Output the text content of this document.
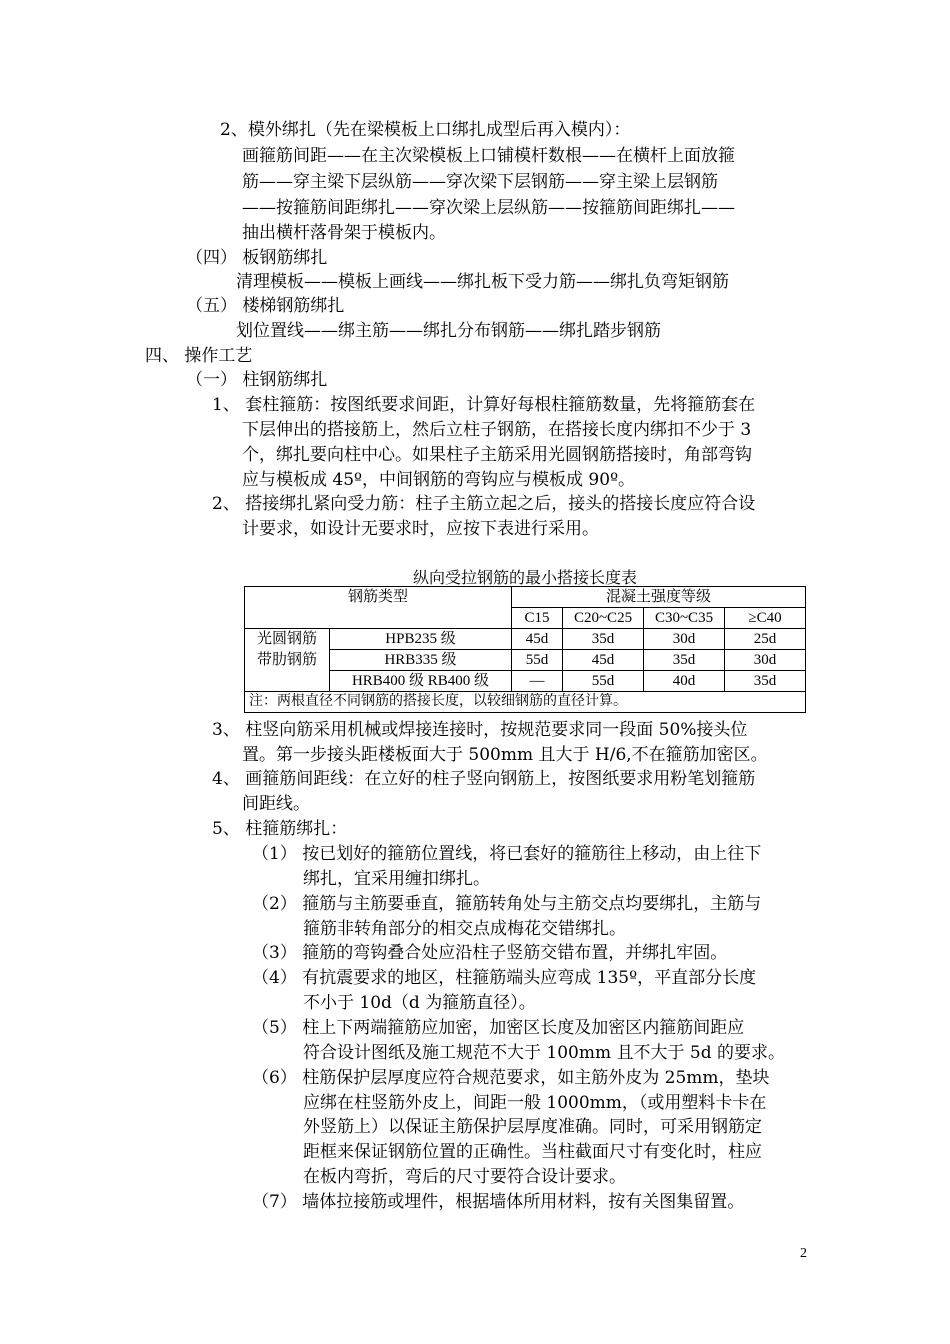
2、模外绑扎（先在梁模板上口绑扎成型后再入模内）：
画箍筋间距——在主次梁模板上口铺模杆数根——在横杆上面放箍
筋——穿主梁下层纵筋——穿次梁下层钢筋——穿主梁上层钢筋
——按箍筋间距绑扎——穿次梁上层纵筋——按箍筋间距绑扎——
抽出横杆落骨架于模板内。
（四） 板钢筋绑扎
清理模板——模板上画线——绑扎板下受力筋——绑扎负弯矩钢筋
（五） 楼梯钢筋绑扎
划位置线——绑主筋——绑扎分布钢筋——绑扎踏步钢筋
四、 操作工艺
（一） 柱钢筋绑扎
1、 套柱箍筋：按图纸要求间距，计算好每根柱箍筋数量，先将箍筋套在
下层伸出的搭接筋上，然后立柱子钢筋，在搭接长度内绑扣不少于 3
个，绑扎要向柱中心。如果柱子主筋采用光圆钢筋搭接时，角部弯钩
应与模板成 45º，中间钢筋的弯钩应与模板成 90º。
2、 搭接绑扎紧向受力筋：柱子主筋立起之后，接头的搭接长度应符合设
计要求，如设计无要求时，应按下表进行采用。
纵向受拉钢筋的最小搭接长度表
钢筋类型		混凝土强度等级			
		C15	C20~C25	C30~C35	≥C40
光圆钢筋	HPB235 级	45d	35d	30d	25d
带肋钢筋	HRB335 级	55d	45d	35d	30d
	HRB400 级 RB400 级	—	55d	40d	35d
注：两根直径不同钢筋的搭接长度，以较细钢筋的直径计算。					
3、 柱竖向筋采用机械或焊接连接时，按规范要求同一段面 50%接头位
置。第一步接头距楼板面大于 500mm 且大于 H/6,不在箍筋加密区。
4、 画箍筋间距线：在立好的柱子竖向钢筋上，按图纸要求用粉笔划箍筋
间距线。
5、 柱箍筋绑扎：
（1） 按已划好的箍筋位置线，将已套好的箍筋往上移动，由上往下
绑扎，宜采用缠扣绑扎。
（2） 箍筋与主筋要垂直，箍筋转角处与主筋交点均要绑扎，主筋与
箍筋非转角部分的相交点成梅花交错绑扎。
（3） 箍筋的弯钩叠合处应沿柱子竖筋交错布置，并绑扎牢固。
（4） 有抗震要求的地区，柱箍筋端头应弯成 135º，平直部分长度
不小于 10d（d 为箍筋直径）。
（5） 柱上下两端箍筋应加密，加密区长度及加密区内箍筋间距应
符合设计图纸及施工规范不大于 100mm 且不大于 5d 的要求。
（6） 柱筋保护层厚度应符合规范要求，如主筋外皮为 25mm，垫块
应绑在柱竖筋外皮上，间距一般 1000mm，（或用塑料卡卡在
外竖筋上）以保证主筋保护层厚度准确。同时，可采用钢筋定
距框来保证钢筋位置的正确性。当柱截面尺寸有变化时，柱应
在板内弯折，弯后的尺寸要符合设计要求。
（7） 墙体拉接筋或埋件，根据墙体所用材料，按有关图集留置。
2
